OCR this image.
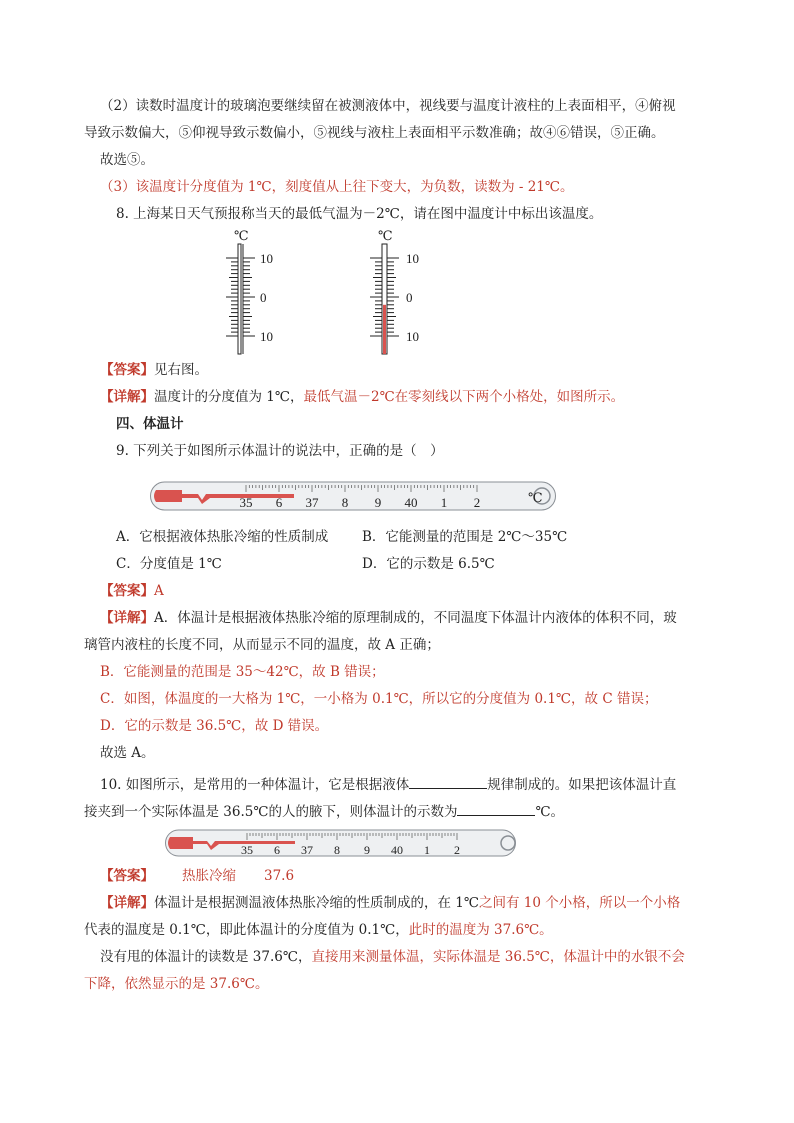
（2）读数时温度计的玻璃泡要继续留在被测液体中，视线要与温度计液柱的上表面相平，④俯视
导致示数偏大，⑤仰视导致示数偏小，⑤视线与液柱上表面相平示数准确；故④⑥错误，⑤正确。
故选⑤。
（3）该温度计分度值为 1℃，刻度值从上往下变大，为负数，读数为 - 21℃。
8. 上海某日天气预报称当天的最低气温为－2℃，请在图中温度计中标出该温度。
℃
10
0
10
℃
10
0
10
【答案】见右图。
【详解】温度计的分度值为 1℃，最低气温－2℃在零刻线以下两个小格处，如图所示。
四、体温计
9. 下列关于如图所示体温计的说法中，正确的是（　）
35 6 37 8 9 40 1 2	℃
A．它根据液体热胀冷缩的性质制成	B．它能测量的范围是 2℃～35℃
C．分度值是 1℃	D．它的示数是 6.5℃
【答案】A
【详解】A．体温计是根据液体热胀冷缩的原理制成的，不同温度下体温计内液体的体积不同，玻
璃管内液柱的长度不同，从而显示不同的温度，故 A 正确；
B．它能测量的范围是 35～42℃，故 B 错误；
C．如图，体温度的一大格为 1℃，一小格为 0.1℃，所以它的分度值为 0.1℃，故 C 错误；
D．它的示数是 36.5℃，故 D 错误。
故选 A。
10. 如图所示，是常用的一种体温计，它是根据液体	规律制成的。如果把该体温计直
接夹到一个实际体温是 36.5℃的人的腋下，则体温计的示数为	℃。
35 6 37 8 9 40 1 2
【答案】 热胀冷缩 37.6
【详解】体温计是根据测温液体热胀冷缩的性质制成的，在 1℃之间有 10 个小格，所以一个小格
代表的温度是 0.1℃，即此体温计的分度值为 0.1℃，此时的温度为 37.6℃。
没有甩的体温计的读数是 37.6℃，直接用来测量体温，实际体温是 36.5℃，体温计中的水银不会
下降，依然显示的是 37.6℃。
